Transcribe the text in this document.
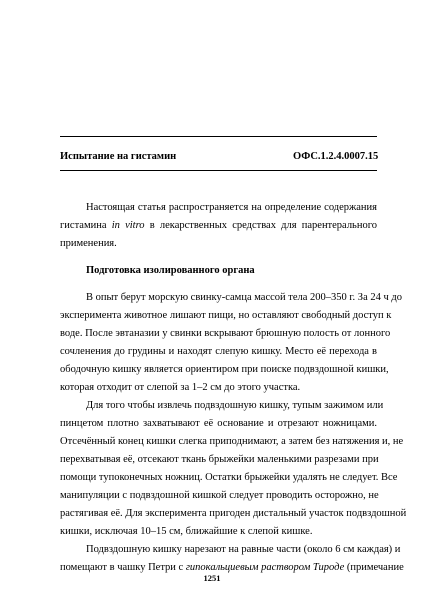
Испытание на гистамин	ОФС.1.2.4.0007.15
Настоящая статья распространяется на определение содержания
гистамина in vitro в лекарственных средствах для парентерального
применения.
Подготовка изолированного органа
В опыт берут морскую свинку-самца массой тела 200–350 г. За 24 ч до
эксперимента животное лишают пищи, но оставляют свободный доступ к
воде. После эвтаназии у свинки вскрывают брюшную полость от лонного
сочленения до грудины и находят слепую кишку. Место её перехода в
ободочную кишку является ориентиром при поиске подвздошной кишки,
которая отходит от слепой за 1–2 см до этого участка.
Для того чтобы извлечь подвздошную кишку, тупым зажимом или
пинцетом плотно захватывают её основание и отрезают ножницами.
Отсечённый конец кишки слегка приподнимают, а затем без натяжения и, не
перехватывая её, отсекают ткань брыжейки маленькими разрезами при
помощи тупоконечных ножниц. Остатки брыжейки удалять не следует. Все
манипуляции с подвздошной кишкой следует проводить осторожно, не
растягивая её. Для эксперимента пригоден дистальный участок подвздошной
кишки, исключая 10–15 см, ближайшие к слепой кишке.
Подвздошную кишку нарезают на равные части (около 6 см каждая) и
помещают в чашку Петри с гипокальциевым раствором Тироде (примечание
1251
